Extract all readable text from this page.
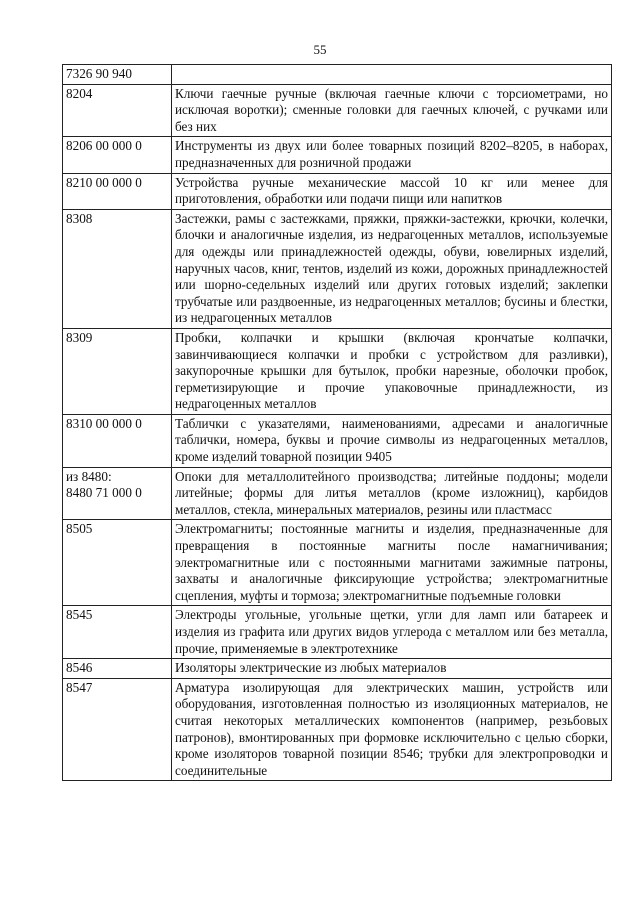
55
7326 90 940	
8204	Ключи гаечные ручные (включая гаечные ключи с торсиометрами, но исключая воротки); сменные головки для гаечных ключей, с ручками или без них
8206 00 000 0	Инструменты из двух или более товарных позиций 8202–8205, в наборах, предназначенных для розничной продажи
8210 00 000 0	Устройства ручные механические массой 10 кг или менее для приготовления, обработки или подачи пищи или напитков
8308	Застежки, рамы с застежками, пряжки, пряжки-застежки, крючки, колечки, блочки и аналогичные изделия, из недрагоценных металлов, используемые для одежды или принадлежностей одежды, обуви, ювелирных изделий, наручных часов, книг, тентов, изделий из кожи, дорожных принадлежностей или шорно-седельных изделий или других готовых изделий; заклепки трубчатые или раздвоенные, из недрагоценных металлов; бусины и блестки, из недрагоценных металлов
8309	Пробки, колпачки и крышки (включая крончатые колпачки, завинчивающиеся колпачки и пробки с устройством для разливки), закупорочные крышки для бутылок, пробки нарезные, оболочки пробок, герметизирующие и прочие упаковочные принадлежности, из недрагоценных металлов
8310 00 000 0	Таблички с указателями, наименованиями, адресами и аналогичные таблички, номера, буквы и прочие символы из недрагоценных металлов, кроме изделий товарной позиции 9405
из 8480:
8480 71 000 0	Опоки для металлолитейного производства; литейные поддоны; модели литейные; формы для литья металлов (кроме изложниц), карбидов металлов, стекла, минеральных материалов, резины или пластмасс
8505	Электромагниты; постоянные магниты и изделия, предназначенные для превращения в постоянные магниты после намагничивания; электромагнитные или с постоянными магнитами зажимные патроны, захваты и аналогичные фиксирующие устройства; электромагнитные сцепления, муфты и тормоза; электромагнитные подъемные головки
8545	Электроды угольные, угольные щетки, угли для ламп или батареек и изделия из графита или других видов углерода с металлом или без металла, прочие, применяемые в электротехнике
8546	Изоляторы электрические из любых материалов
8547	Арматура изолирующая для электрических машин, устройств или оборудования, изготовленная полностью из изоляционных материалов, не считая некоторых металлических компонентов (например, резьбовых патронов), вмонтированных при формовке исключительно с целью сборки, кроме изоляторов товарной позиции 8546; трубки для электропроводки и соединительные
